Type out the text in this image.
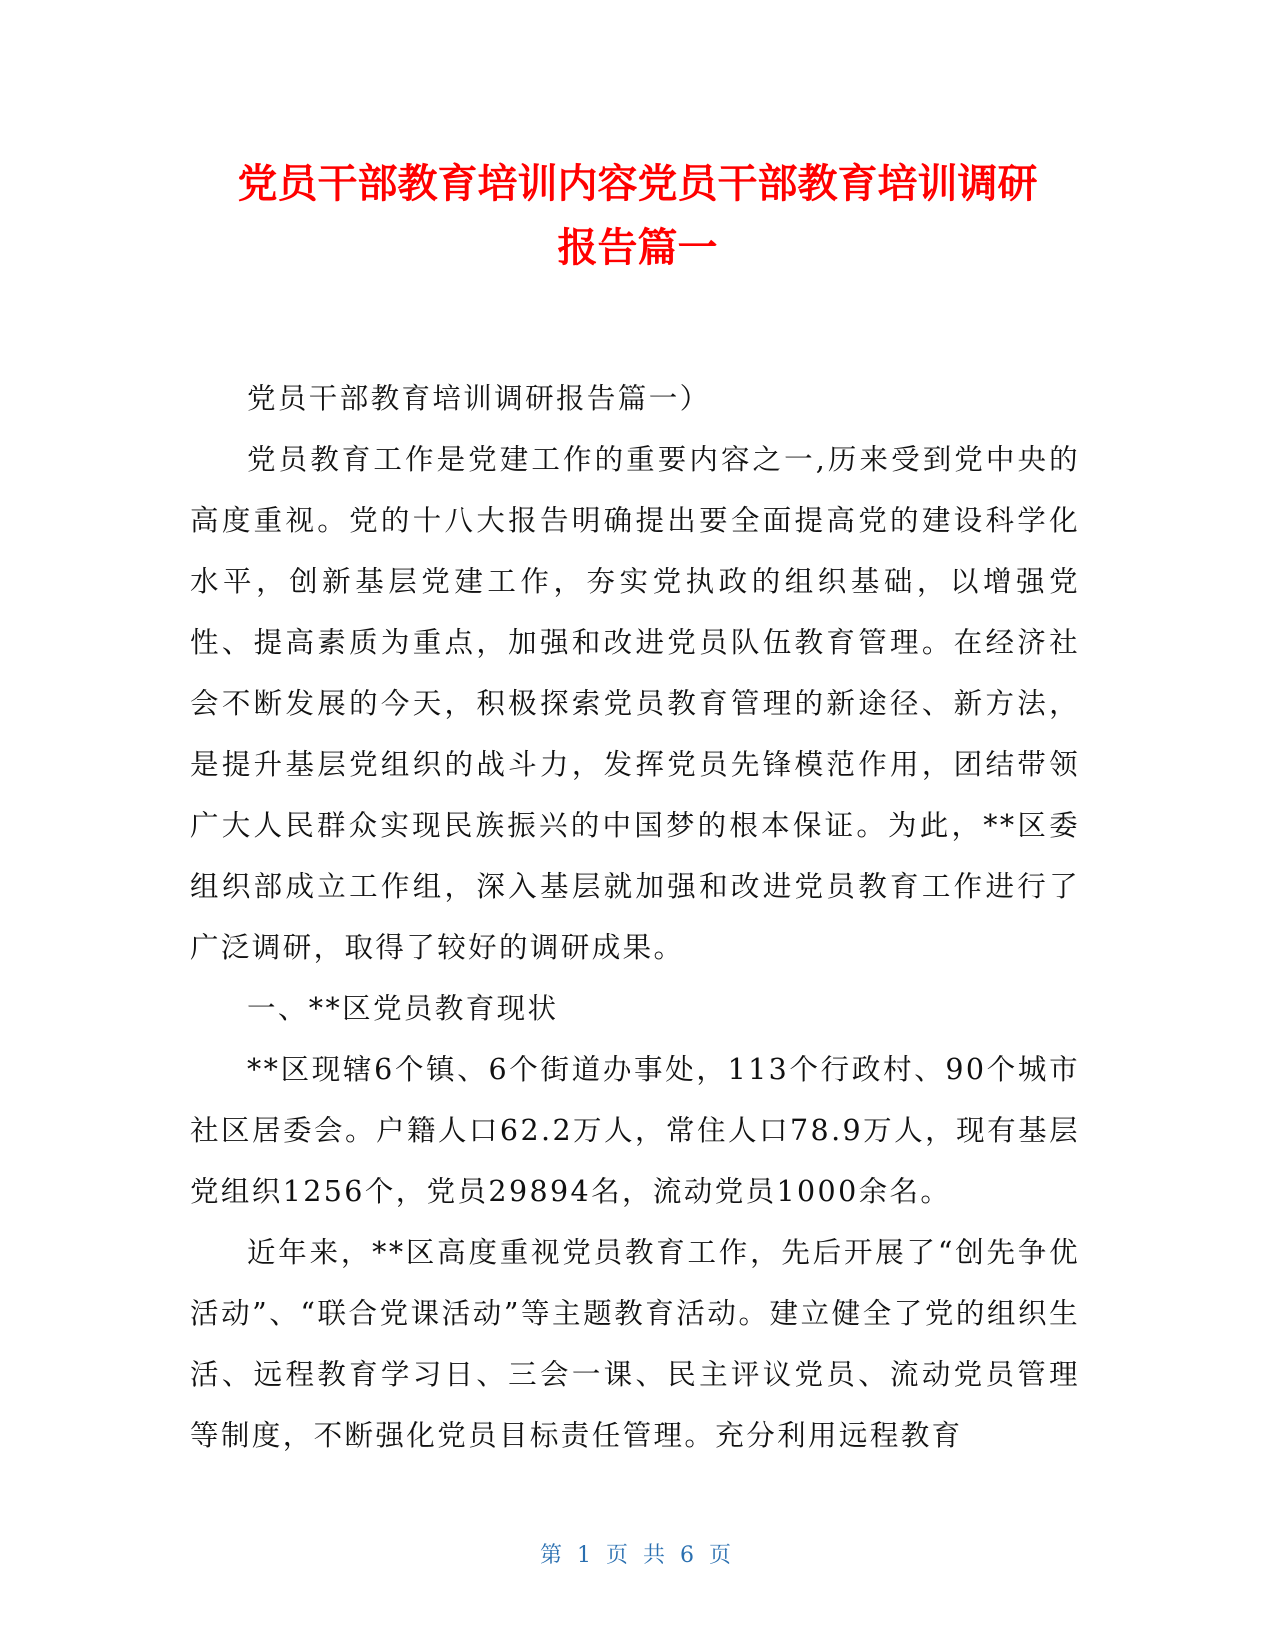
党员干部教育培训内容党员干部教育培训调研
报告篇一

党员干部教育培训调研报告篇一）

党员教育工作是党建工作的重要内容之一,历来受到党中央的高度重视。党的十八大报告明确提出要全面提高党的建设科学化水平，创新基层党建工作，夯实党执政的组织基础，以增强党性、提高素质为重点，加强和改进党员队伍教育管理。在经济社会不断发展的今天，积极探索党员教育管理的新途径、新方法，是提升基层党组织的战斗力，发挥党员先锋模范作用，团结带领广大人民群众实现民族振兴的中国梦的根本保证。为此，**区委组织部成立工作组，深入基层就加强和改进党员教育工作进行了广泛调研，取得了较好的调研成果。

一、**区党员教育现状

**区现辖6个镇、6个街道办事处，113个行政村、90个城市社区居委会。户籍人口62.2万人，常住人口78.9万人，现有基层党组织1256个，党员29894名，流动党员1000余名。

近年来，**区高度重视党员教育工作，先后开展了“创先争优活动”、“联合党课活动”等主题教育活动。建立健全了党的组织生活、远程教育学习日、三会一课、民主评议党员、流动党员管理等制度，不断强化党员目标责任管理。充分利用远程教育

第 1 页 共 6 页
